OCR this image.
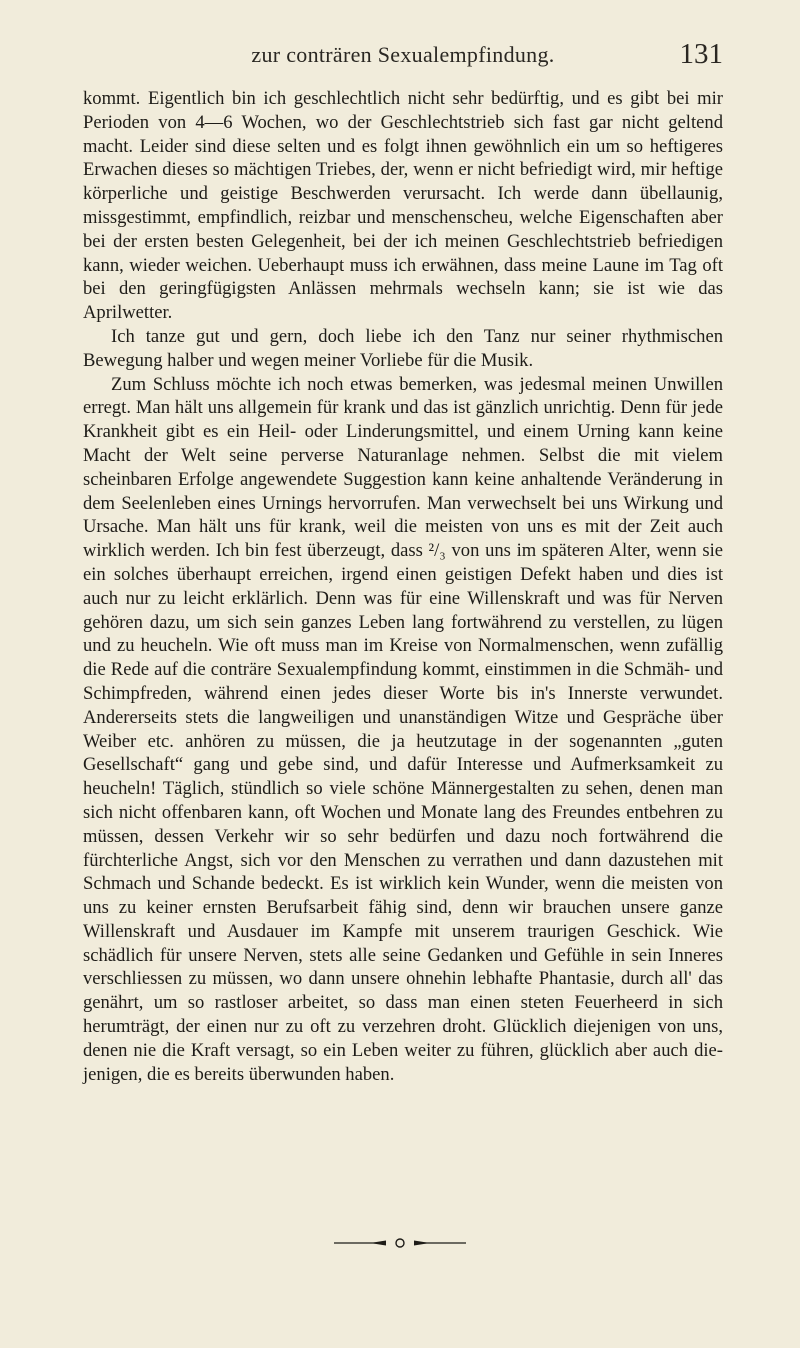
zur conträren Sexualempfindung.	131

kommt. Eigentlich bin ich geschlechtlich nicht sehr bedürftig, und es gibt bei mir Perioden von 4—6 Wochen, wo der Geschlechtstrieb sich fast gar nicht geltend macht. Leider sind diese selten und es folgt ihnen gewöhnlich ein um so heftigeres Erwachen dieses so mächtigen Triebes, der, wenn er nicht befriedigt wird, mir heftige körperliche und geistige Beschwerden verursacht. Ich werde dann übellaunig, missgestimmt, empfindlich, reizbar und menschenscheu, welche Eigenschaften aber bei der ersten besten Gelegenheit, bei der ich meinen Geschlechtstrieb befriedigen kann, wieder weichen. Ueberhaupt muss ich erwähnen, dass meine Laune im Tag oft bei den geringfügigsten Anlässen mehrmals wechseln kann; sie ist wie das Aprilwetter.

Ich tanze gut und gern, doch liebe ich den Tanz nur seiner rhythmischen Bewegung halber und wegen meiner Vorliebe für die Musik.

Zum Schluss möchte ich noch etwas bemerken, was jedesmal meinen Unwillen erregt. Man hält uns allgemein für krank und das ist gänzlich unrichtig. Denn für jede Krankheit gibt es ein Heil- oder Linderungsmittel, und einem Urning kann keine Macht der Welt seine perverse Naturanlage nehmen. Selbst die mit vielem scheinbaren Erfolge angewendete Suggestion kann keine anhaltende Veränderung in dem Seelenleben eines Urnings hervorrufen. Man verwechselt bei uns Wirkung und Ursache. Man hält uns für krank, weil die meisten von uns es mit der Zeit auch wirklich werden. Ich bin fest überzeugt, dass ²/₃ von uns im späteren Alter, wenn sie ein solches überhaupt erreichen, irgend einen geistigen Defekt haben und dies ist auch nur zu leicht erklärlich. Denn was für eine Willenskraft und was für Nerven gehören dazu, um sich sein ganzes Leben lang fortwährend zu verstellen, zu lügen und zu heucheln. Wie oft muss man im Kreise von Normalmenschen, wenn zufällig die Rede auf die conträre Sexualempfindung kommt, einstimmen in die Schmäh- und Schimpfreden, während einen jedes dieser Worte bis in's Innerste verwundet. Andererseits stets die langweiligen und unanständigen Witze und Gespräche über Weiber etc. anhören zu müssen, die ja heutzutage in der sogenannten „guten Gesellschaft“ gang und gebe sind, und dafür Interesse und Aufmerksamkeit zu heucheln! Täglich, stündlich so viele schöne Männergestalten zu sehen, denen man sich nicht offenbaren kann, oft Wochen und Monate lang des Freundes entbehren zu müssen, dessen Verkehr wir so sehr bedürfen und dazu noch fortwährend die fürchterliche Angst, sich vor den Menschen zu verrathen und dann dazustehen mit Schmach und Schande bedeckt. Es ist wirklich kein Wunder, wenn die meisten von uns zu keiner ernsten Berufsarbeit fähig sind, denn wir brauchen unsere ganze Willenskraft und Ausdauer im Kampfe mit unserem traurigen Geschick. Wie schädlich für unsere Nerven, stets alle seine Gedanken und Gefühle in sein Inneres verschliessen zu müssen, wo dann unsere ohnehin lebhafte Phantasie, durch all' das genährt, um so rastloser arbeitet, so dass man einen steten Feuerheerd in sich herumträgt, der einen nur zu oft zu verzehren droht. Glücklich diejenigen von uns, denen nie die Kraft versagt, so ein Leben weiter zu führen, glücklich aber auch diejenigen, die es bereits überwunden haben.
